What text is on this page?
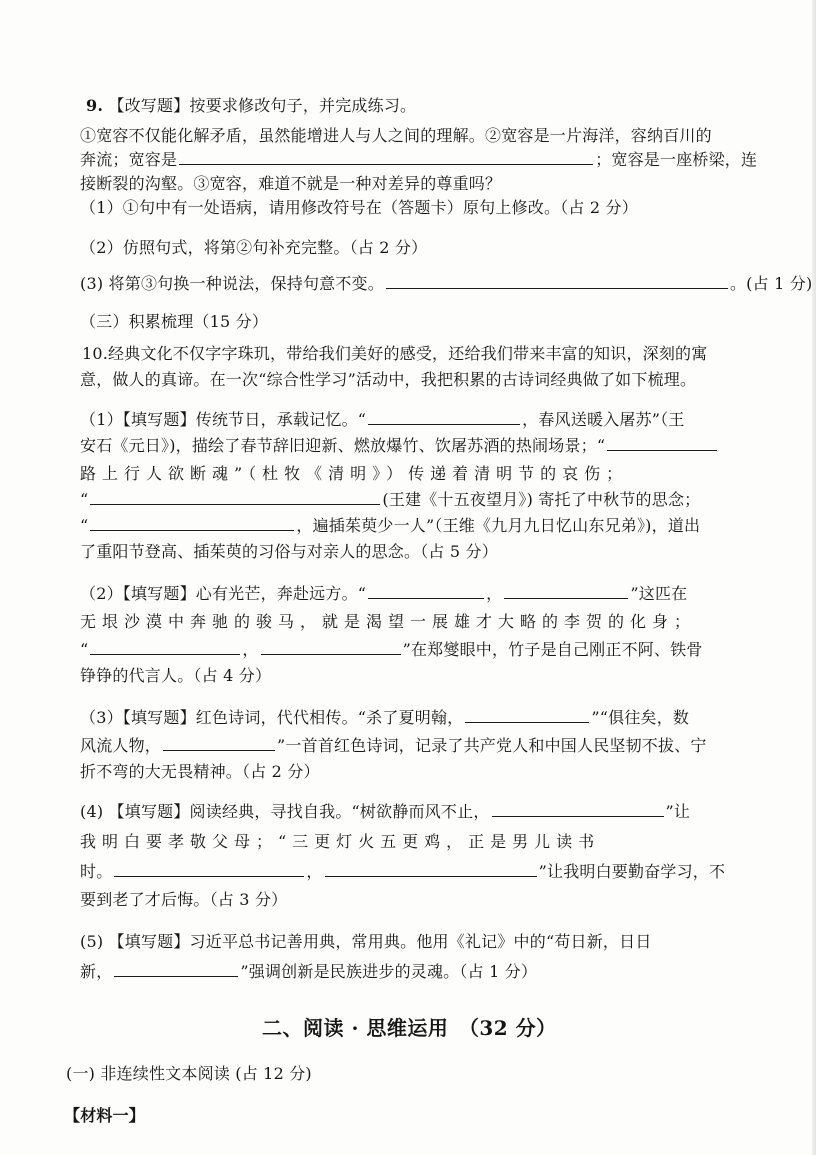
9. 【改写题】按要求修改句子，并完成练习。
①宽容不仅能化解矛盾，虽然能增进人与人之间的理解。②宽容是一片海洋，容纳百川的
奔流；宽容是	；宽容是一座桥梁，连
接断裂的沟壑。③宽容，难道不就是一种对差异的尊重吗？
（1）①句中有一处语病，请用修改符号在（答题卡）原句上修改。（占 2 分）
（2）仿照句式，将第②句补充完整。（占 2 分）
(3) 将第③句换一种说法，保持句意不变。	。(占 1 分)
（三）积累梳理（15 分）
10.经典文化不仅字字珠玑，带给我们美好的感受，还给我们带来丰富的知识，深刻的寓
意，做人的真谛。在一次“综合性学习”活动中，我把积累的古诗词经典做了如下梳理。
（1）【填写题】传统节日，承载记忆。“	，春风送暖入屠苏”（王
安石《元日》)，描绘了春节辞旧迎新、燃放爆竹、饮屠苏酒的热闹场景；“
路上行人欲断魂”（杜牧《清明》）传递着清明节的哀伤；
“	(王建《十五夜望月》) 寄托了中秋节的思念；
“	，遍插茱萸少一人”（王维《九月九日忆山东兄弟》)，道出
了重阳节登高、插茱萸的习俗与对亲人的思念。（占 5 分）
（2）【填写题】心有光芒，奔赴远方。“	，	”这匹在
无垠沙漠中奔驰的骏马，就是渴望一展雄才大略的李贺的化身；
“	，	”在郑燮眼中，竹子是自己刚正不阿、铁骨
铮铮的代言人。（占 4 分）
（3）【填写题】红色诗词，代代相传。“杀了夏明翰，	”“俱往矣，数
风流人物，	”一首首红色诗词，记录了共产党人和中国人民坚韧不拔、宁
折不弯的大无畏精神。（占 2 分）
(4) 【填写题】阅读经典，寻找自我。“树欲静而风不止，	”让
我明白要孝敬父母；“三更灯火五更鸡，正是男儿读书
时。	，	”让我明白要勤奋学习，不
要到老了才后悔。（占 3 分）
(5) 【填写题】习近平总书记善用典，常用典。他用《礼记》中的“苟日新，日日
新，	”强调创新是民族进步的灵魂。（占 1 分）
二、阅读 · 思维运用　（32 分）
(一) 非连续性文本阅读 (占 12 分)
【材料一】
